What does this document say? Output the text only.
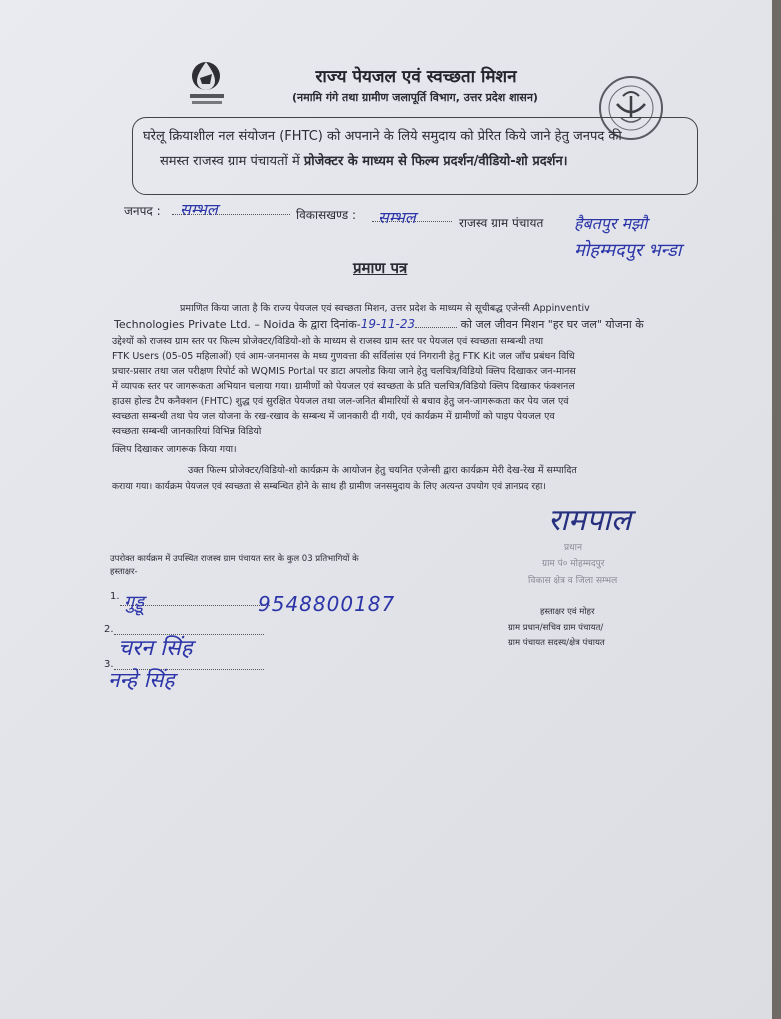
राज्य पेयजल एवं स्वच्छता मिशन
(नमामि गंगे तथा ग्रामीण जलापूर्ति विभाग, उत्तर प्रदेश शासन)
घरेलू क्रियाशील नल संयोजन (FHTC) को अपनाने के लिये समुदाय को प्रेरित किये जाने हेतु जनपद की
समस्त राजस्व ग्राम पंचायतों में प्रोजेक्टर के माध्यम से फिल्म प्रदर्शन/वीडियो-शो प्रदर्शन।
जनपद : सम्भल	विकासखण्ड : सम्भल	राजस्व ग्राम पंचायत हैबतपुर मझौ
मोहम्मदपुर भन्डा
प्रमाण पत्र
प्रमाणित किया जाता है कि राज्य पेयजल एवं स्वच्छता मिशन, उत्तर प्रदेश के माध्यम से सूचीबद्ध एजेन्सी Appinventiv
Technologies Private Ltd. – Noida के द्वारा दिनांक-19-11-23	को जल जीवन मिशन "हर घर जल" योजना के
उद्देश्यों को राजस्व ग्राम स्तर पर फिल्म प्रोजेक्टर/विडियो-शो के माध्यम से राजस्व ग्राम स्तर पर पेयजल एवं स्वच्छता सम्बन्धी तथा
FTK Users (05-05 महिलाओं) एवं आम-जनमानस के मध्य गुणवत्ता की सर्विलांस एवं निगरानी हेतु FTK Kit जल जाँच प्रबंधन विधि
प्रचार-प्रसार तथा जल परीक्षण रिपोर्ट को WQMIS Portal पर डाटा अपलोड किया जाने हेतु चलचित्र/विडियो क्लिप दिखाकर जन-मानस
में व्यापक स्तर पर जागरूकता अभियान चलाया गया। ग्रामीणों को पेयजल एवं स्वच्छता के प्रति चलचित्र/विडियो क्लिप दिखाकर फंक्शनल
हाउस होल्ड टैप कनैक्शन (FHTC) शुद्ध एवं सुरक्षित पेयजल तथा जल-जनित बीमारियों से बचाव हेतु जन-जागरूकता कर पेय जल एवं
स्वच्छता सम्बन्धी तथा पेय जल योजना के रख-रखाव के सम्बन्ध में जानकारी दी गयी, एवं कार्यक्रम में ग्रामीणों को पाइप पेयजल एव
स्वच्छता सम्बन्धी जानकारियां विभिन्न विडियो
क्लिप दिखाकर जागरूक किया गया।
उक्त फिल्म प्रोजेक्टर/विडियो-शो कार्यक्रम के आयोजन हेतु चयनित एजेन्सी द्वारा कार्यक्रम मेरी देख-रेख में सम्पादित
कराया गया। कार्यक्रम पेयजल एवं स्वच्छता से सम्बन्धित होने के साथ ही ग्रामीण जनसमुदाय के लिए अत्यन्त उपयोग एवं ज्ञानप्रद रहा।
रामपाल
प्रधान
ग्राम पं० मोहम्मदपुर
विकास क्षेत्र व जिला सम्भल
हस्ताक्षर एवं मोहर
ग्राम प्रधान/सचिव ग्राम पंचायत/
ग्राम पंचायत सदस्य/क्षेत्र पंचायत
उपरोक्त कार्यक्रम में उपस्थित राजस्व ग्राम पंचायत स्तर के कुल 03 प्रतिभागियों के
हस्ताक्षर-
1. गुड्डू	9548800187
2.
चरन सिंह
3.
नन्हे सिंह
